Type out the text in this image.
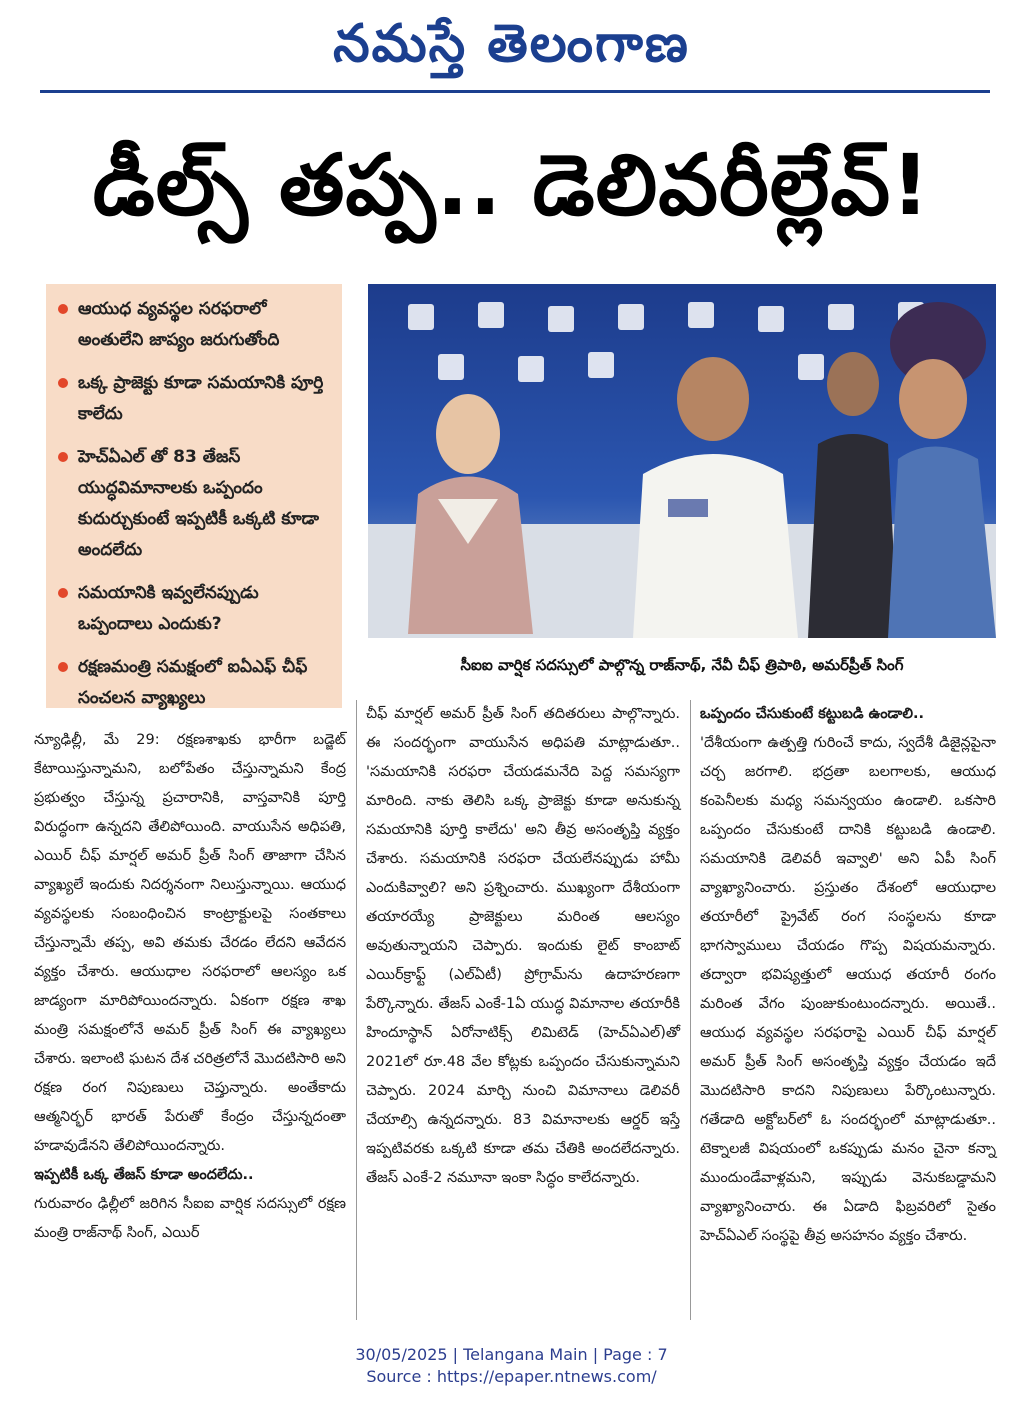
నమస్తే తెలంగాణ
డీల్స్ తప్ప.. డెలివరీల్లేవ్!
ఆయుధ వ్యవస్థల సరఫరాలో అంతులేని జాప్యం జరుగుతోంది
ఒక్క ప్రాజెక్టు కూడా సమయానికి పూర్తి కాలేదు
హెచ్ఏఎల్ తో 83 తేజస్ యుద్ధవిమానాలకు ఒప్పందం కుదుర్చుకుంటే ఇప్పటికీ ఒక్కటి కూడా అందలేదు
సమయానికి ఇవ్వలేనప్పుడు ఒప్పందాలు ఎందుకు?
రక్షణమంత్రి సమక్షంలో ఐఏఎఫ్ చీఫ్ సంచలన వ్యాఖ్యలు
సీఐఐ వార్షిక సదస్సులో పాల్గొన్న రాజ్‌నాథ్, నేవీ చీఫ్ త్రిపాఠి, అమర్‌ప్రీత్ సింగ్

న్యూఢిల్లీ, మే 29: రక్షణశాఖకు భారీగా బడ్జెట్ కేటాయిస్తున్నామని, బలోపేతం చేస్తున్నామని కేంద్ర ప్రభుత్వం చేస్తున్న ప్రచారానికి, వాస్తవానికి పూర్తి విరుద్ధంగా ఉన్నదని తేలిపోయింది. వాయుసేన అధిపతి, ఎయిర్ చీఫ్ మార్షల్ అమర్ ప్రీత్ సింగ్ తాజాగా చేసిన వ్యాఖ్యలే ఇందుకు నిదర్శనంగా నిలుస్తున్నాయి. ఆయుధ వ్యవస్థలకు సంబంధించిన కాంట్రాక్టులపై సంతకాలు చేస్తున్నామే తప్ప, అవి తమకు చేరడం లేదని ఆవేదన వ్యక్తం చేశారు. ఆయుధాల సరఫరాలో ఆలస్యం ఒక జాడ్యంగా మారిపోయిందన్నారు. ఏకంగా రక్షణ శాఖ మంత్రి సమక్షంలోనే అమర్ ప్రీత్ సింగ్ ఈ వ్యాఖ్యలు చేశారు. ఇలాంటి ఘటన దేశ చరిత్రలోనే మొదటిసారి అని రక్షణ రంగ నిపుణులు చెప్తున్నారు. అంతేకాదు ఆత్మనిర్భర్ భారత్ పేరుతో కేంద్రం చేస్తున్నదంతా హడావుడేనని తేలిపోయిందన్నారు.

ఇప్పటికీ ఒక్క తేజస్ కూడా అందలేదు..

గురువారం ఢిల్లీలో జరిగిన సీఐఐ వార్షిక సదస్సులో రక్షణ మంత్రి రాజ్‌నాథ్ సింగ్, ఎయిర్

చీఫ్ మార్షల్ అమర్ ప్రీత్ సింగ్ తదితరులు పాల్గొన్నారు. ఈ సందర్భంగా వాయుసేన అధిపతి మాట్లాడుతూ.. 'సమయానికి సరఫరా చేయడమనేది పెద్ద సమస్యగా మారింది. నాకు తెలిసి ఒక్క ప్రాజెక్టు కూడా అనుకున్న సమయానికి పూర్తి కాలేదు' అని తీవ్ర అసంతృప్తి వ్యక్తం చేశారు. సమయానికి సరఫరా చేయలేనప్పుడు హామీ ఎందుకివ్వాలి? అని ప్రశ్నించారు. ముఖ్యంగా దేశీయంగా తయారయ్యే ప్రాజెక్టులు మరింత ఆలస్యం అవుతున్నాయని చెప్పారు. ఇందుకు లైట్ కాంబాట్ ఎయిర్‌క్రాఫ్ట్ (ఎల్‌ఏటీ) ప్రోగ్రామ్‌ను ఉదాహరణగా పేర్కొన్నారు. తేజస్ ఎంకే-1ఏ యుద్ధ విమానాల తయారీకి హిందూస్థాన్ ఏరోనాటిక్స్ లిమిటెడ్ (హెచ్ఏఎల్)తో 2021లో రూ.48 వేల కోట్లకు ఒప్పందం చేసుకున్నామని చెప్పారు. 2024 మార్చి నుంచి విమానాలు డెలివరీ చేయాల్సి ఉన్నదన్నారు. 83 విమానాలకు ఆర్డర్ ఇస్తే ఇప్పటివరకు ఒక్కటి కూడా తమ చేతికి అందలేదన్నారు. తేజస్ ఎంకే-2 నమూనా ఇంకా సిద్ధం కాలేదన్నారు.

ఒప్పందం చేసుకుంటే కట్టుబడి ఉండాలి..

'దేశీయంగా ఉత్పత్తి గురించే కాదు, స్వదేశీ డిజైన్లపైనా చర్చ జరగాలి. భద్రతా బలగాలకు, ఆయుధ కంపెనీలకు మధ్య సమన్వయం ఉండాలి. ఒకసారి ఒప్పందం చేసుకుంటే దానికి కట్టుబడి ఉండాలి. సమయానికి డెలివరీ ఇవ్వాలి' అని ఏపీ సింగ్ వ్యాఖ్యానించారు. ప్రస్తుతం దేశంలో ఆయుధాల తయారీలో ప్రైవేట్ రంగ సంస్థలను కూడా భాగస్వాములు చేయడం గొప్ప విషయమన్నారు. తద్వారా భవిష్యత్తులో ఆయుధ తయారీ రంగం మరింత వేగం పుంజుకుంటుందన్నారు. అయితే.. ఆయుధ వ్యవస్థల సరఫరాపై ఎయిర్ చీఫ్ మార్షల్ అమర్ ప్రీత్ సింగ్ అసంతృప్తి వ్యక్తం చేయడం ఇదే మొదటిసారి కాదని నిపుణులు పేర్కొంటున్నారు. గతేడాది అక్టోబర్‌లో ఓ సందర్భంలో మాట్లాడుతూ.. టెక్నాలజీ విషయంలో ఒకప్పుడు మనం చైనా కన్నా ముందుండేవాళ్లమని, ఇప్పుడు వెనుకబడ్డామని వ్యాఖ్యానించారు. ఈ ఏడాది ఫిబ్రవరిలో సైతం హెచ్ఏఎల్ సంస్థపై తీవ్ర అసహనం వ్యక్తం చేశారు.

30/05/2025 | Telangana Main | Page : 7
Source : https://epaper.ntnews.com/
